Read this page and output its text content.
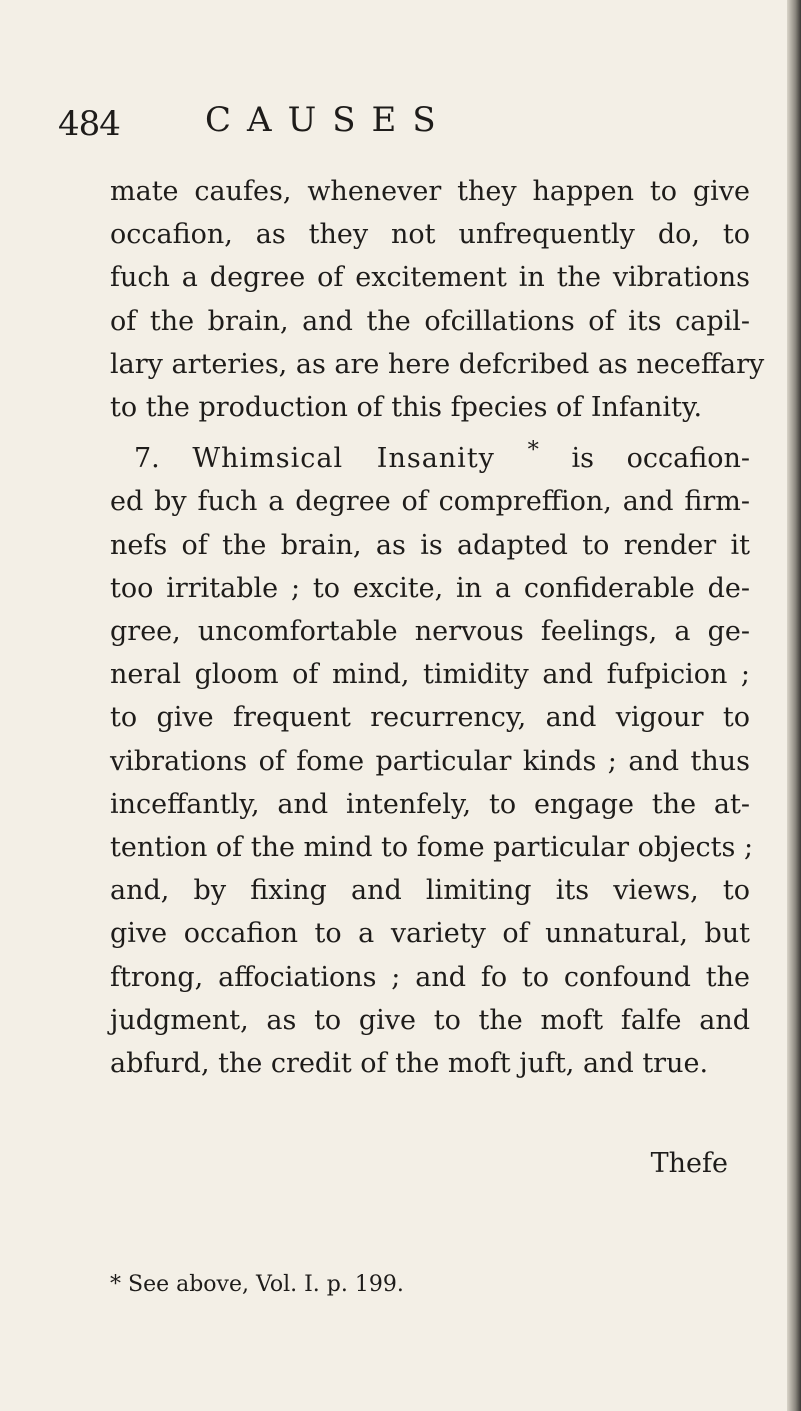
484	CAUSES
mate caufes, whenever they happen to give
occafion, as they not unfrequently do, to
fuch a degree of excitement in the vibrations
of the brain, and the ofcillations of its capil-
lary arteries, as are here defcribed as neceffary
to the production of this fpecies of Infanity.
7. Whimsical Insanity * is occafion-
ed by fuch a degree of compreffion, and firm-
nefs of the brain, as is adapted to render it
too irritable ; to excite, in a confiderable de-
gree, uncomfortable nervous feelings, a ge-
neral gloom of mind, timidity and fufpicion ;
to give frequent recurrency, and vigour to
vibrations of fome particular kinds ; and thus
inceffantly, and intenfely, to engage the at-
tention of the mind to fome particular objects ;
and, by fixing and limiting its views, to
give occafion to a variety of unnatural, but
ftrong, affociations ; and fo to confound the
judgment, as to give to the moft falfe and
abfurd, the credit of the moft juft, and true.
Thefe
* See above, Vol. I. p. 199.
